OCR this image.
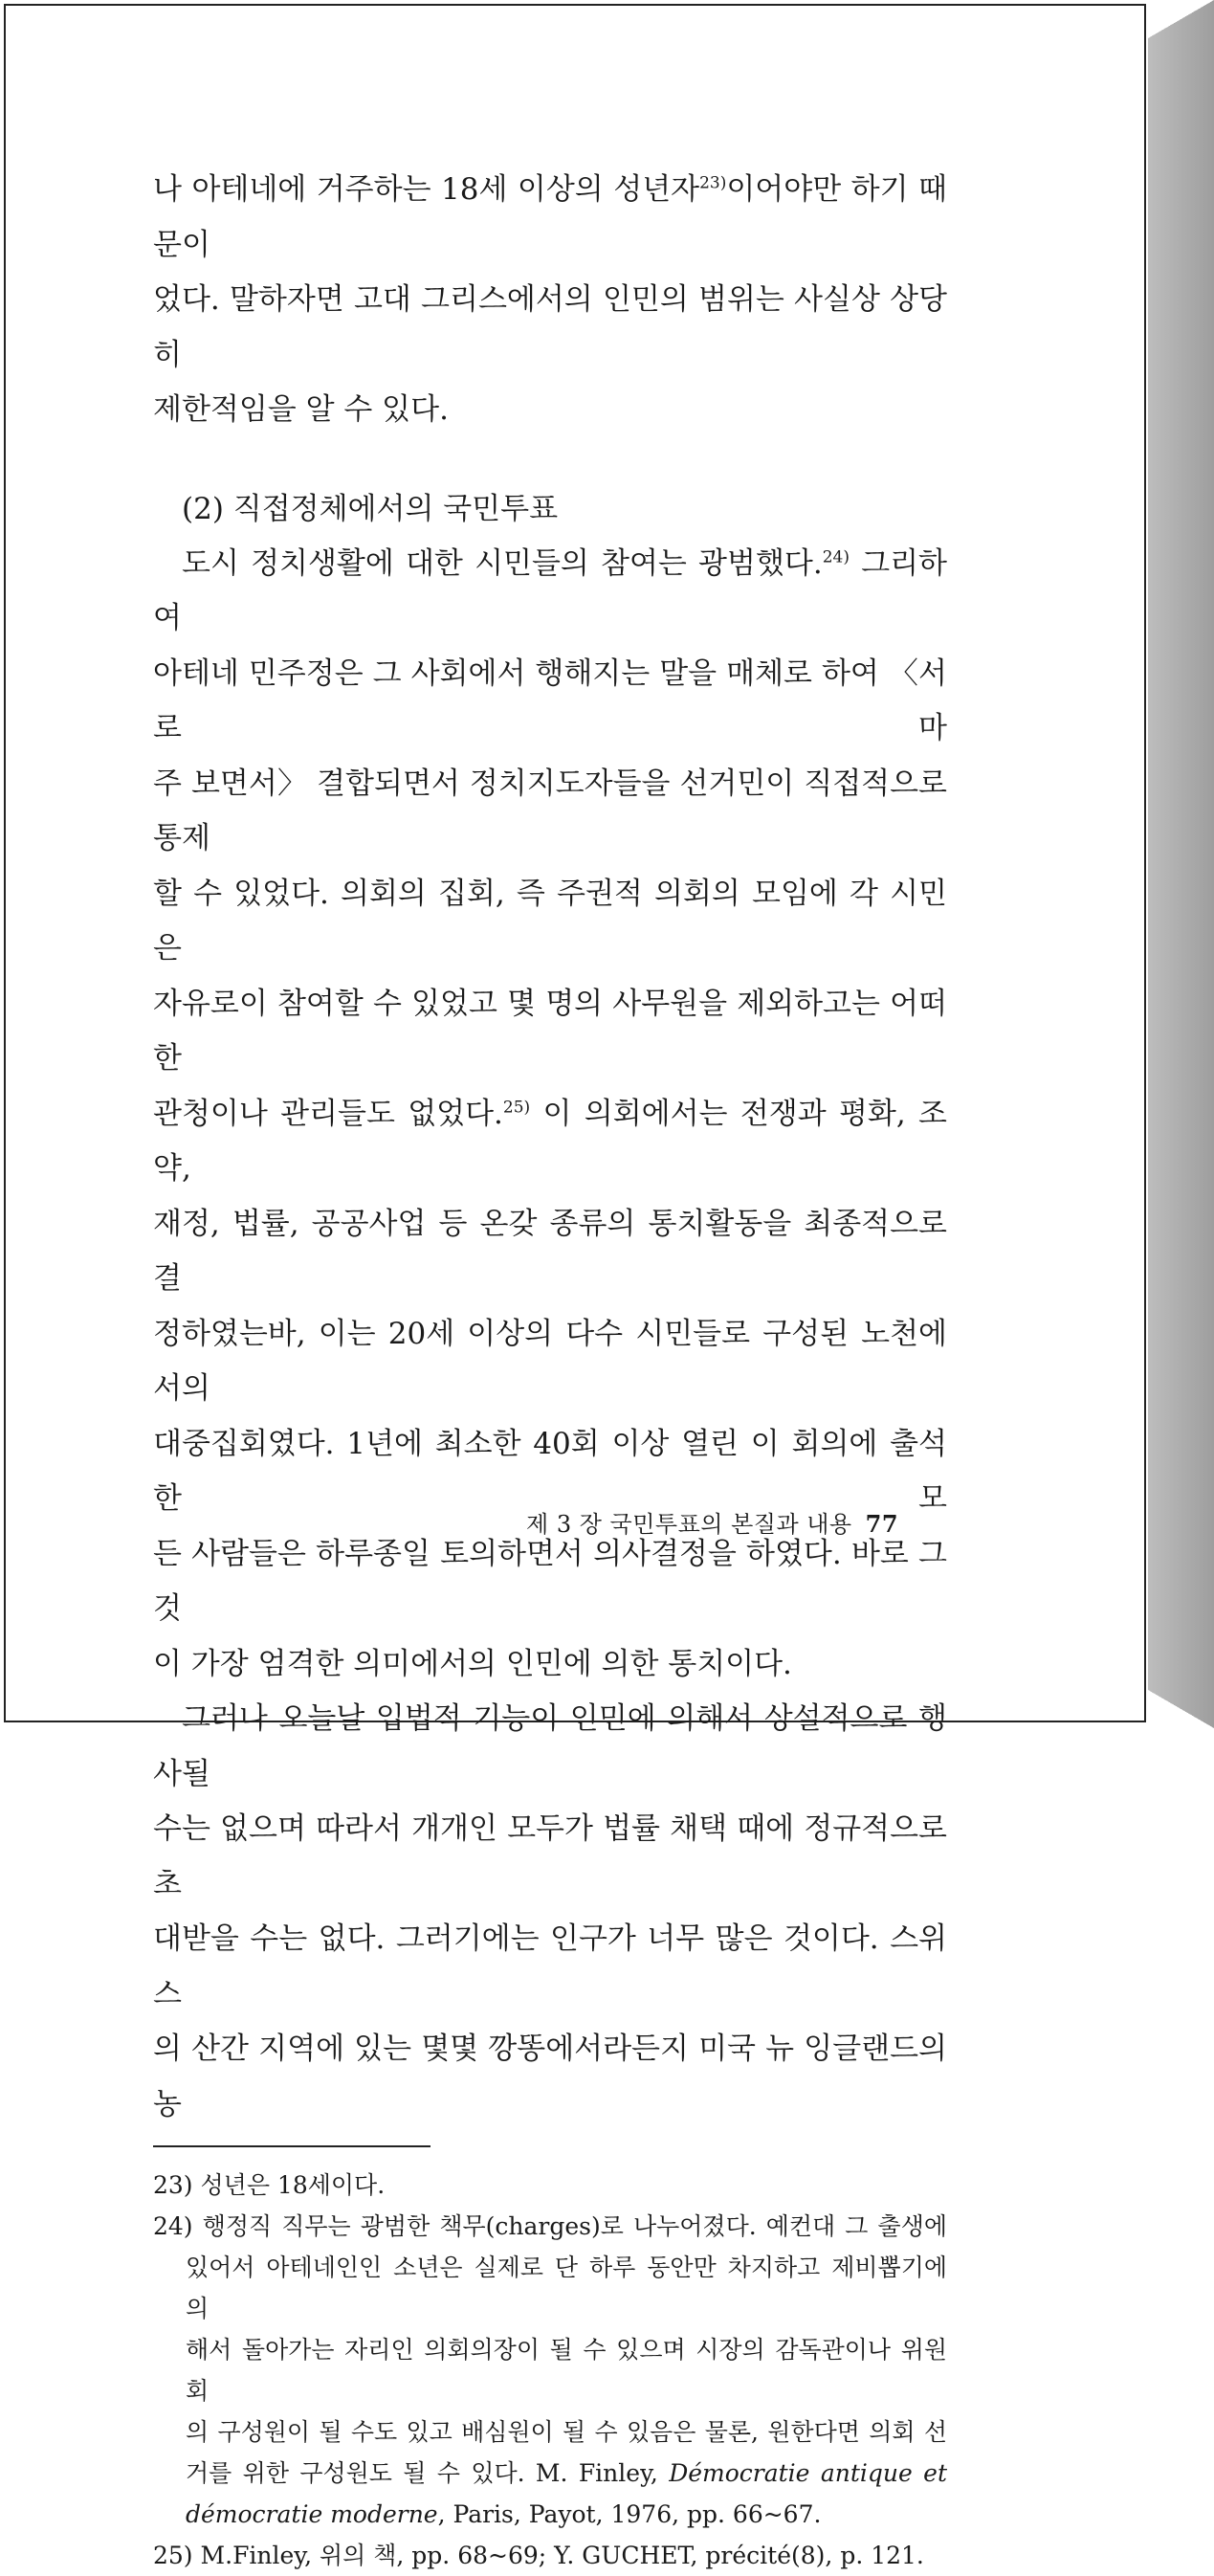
나 아테네에 거주하는 18세 이상의 성년자$^{23)}$이어야만 하기 때문이
었다. 말하자면 고대 그리스에서의 인민의 범위는 사실상 상당히

제한적임을 알 수 있다.

(2) 직접정체에서의 국민투표

도시 정치생활에 대한 시민들의 참여는 광범했다.$^{24)}$ 그리하여
아테네 민주정은 그 사회에서 행해지는 말을 매체로 하여 〈서로 마
주 보면서〉 결합되면서 정치지도자들을 선거민이 직접적으로 통제
할 수 있었다. 의회의 집회, 즉 주권적 의회의 모임에 각 시민은
자유로이 참여할 수 있었고 몇 명의 사무원을 제외하고는 어떠한
관청이나 관리들도 없었다.$^{25)}$ 이 의회에서는 전쟁과 평화, 조약,
재정, 법률, 공공사업 등 온갖 종류의 통치활동을 최종적으로 결
정하였는바, 이는 20세 이상의 다수 시민들로 구성된 노천에서의
대중집회였다. 1년에 최소한 40회 이상 열린 이 회의에 출석한 모
든 사람들은 하루종일 토의하면서 의사결정을 하였다. 바로 그것

이 가장 엄격한 의미에서의 인민에 의한 통치이다.

그러나 오늘날 입법적 기능이 인민에 의해서 상설적으로 행사될
수는 없으며 따라서 개개인 모두가 법률 채택 때에 정규적으로 초
대받을 수는 없다. 그러기에는 인구가 너무 많은 것이다. 스위스
의 산간 지역에 있는 몇몇 깡똥에서라든지 미국 뉴 잉글랜드의 농

23) 성년은 18세이다.
24) 행정직 직무는 광범한 책무(charges)로 나누어졌다. 예컨대 그 출생에
있어서 아테네인인 소년은 실제로 단 하루 동안만 차지하고 제비뽑기에 의
해서 돌아가는 자리인 의회의장이 될 수 있으며 시장의 감독관이나 위원회
의 구성원이 될 수도 있고 배심원이 될 수 있음은 물론, 원한다면 의회 선
거를 위한 구성원도 될 수 있다. M. Finley, Démocratie antique et
démocratie moderne, Paris, Payot, 1976, pp. 66~67.
25) M.Finley, 위의 책, pp. 68~69; Y. GUCHET, précité(8), p. 121.
제 3 장 국민투표의 본질과 내용 77
